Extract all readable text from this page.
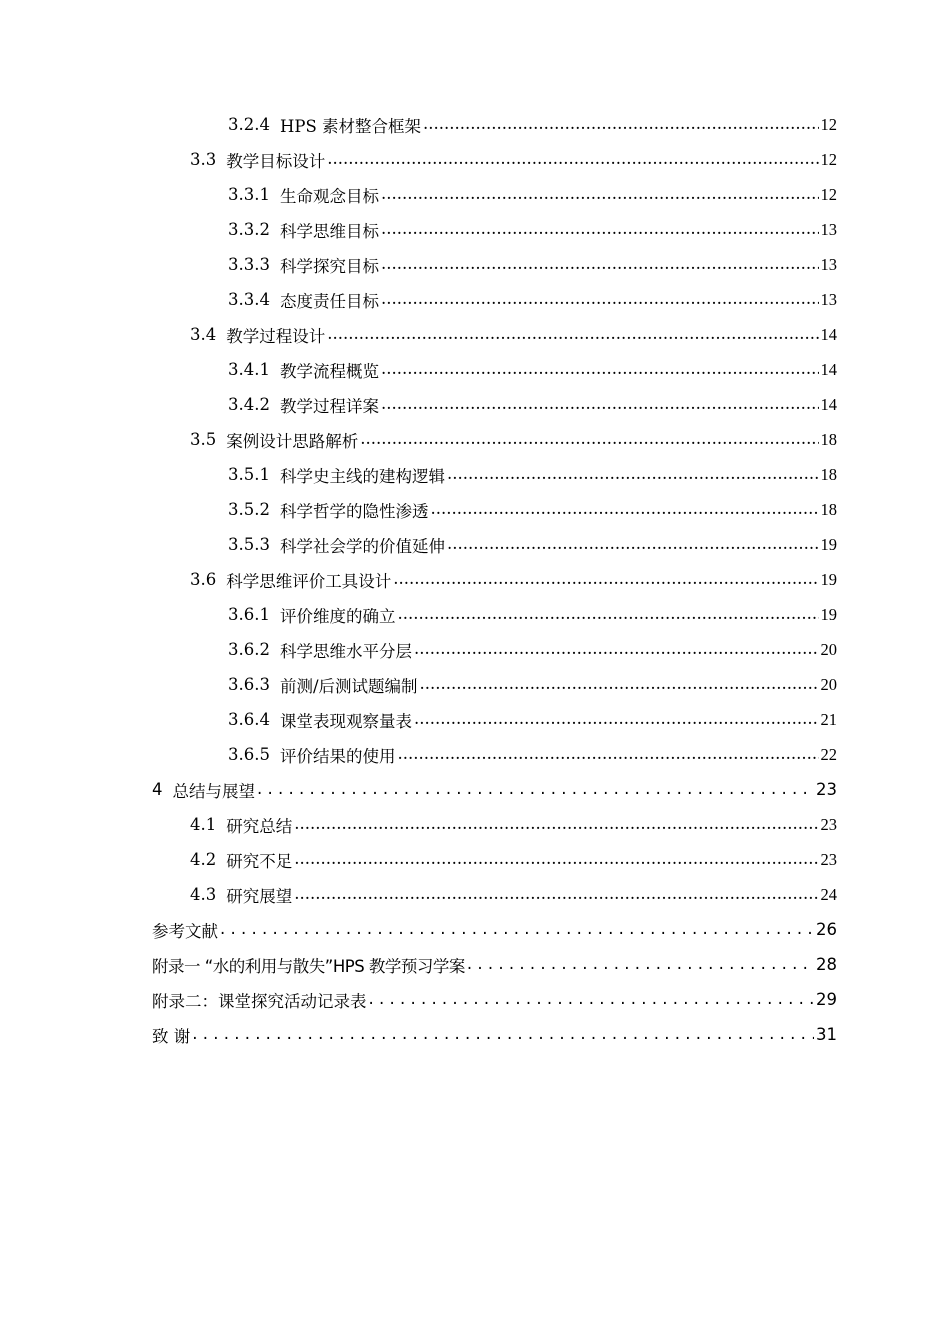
3.2.4 HPS 素材整合框架 .....	12
3.3 教学目标设计 .....	12
3.3.1 生命观念目标 .....	12
3.3.2 科学思维目标 .....	13
3.3.3 科学探究目标 .....	13
3.3.4 态度责任目标 .....	13
3.4 教学过程设计 .....	14
3.4.1 教学流程概览 .....	14
3.4.2 教学过程详案 .....	14
3.5 案例设计思路解析 .....	18
3.5.1 科学史主线的建构逻辑 .....	18
3.5.2 科学哲学的隐性渗透 .....	18
3.5.3 科学社会学的价值延伸 .....	19
3.6 科学思维评价工具设计 .....	19
3.6.1 评价维度的确立 .....	19
3.6.2 科学思维水平分层 .....	20
3.6.3 前测/后测试题编制 .....	20
3.6.4 课堂表现观察量表 .....	21
3.6.5 评价结果的使用 .....	22
4 总结与展望 . . .	23
4.1 研究总结 .....	23
4.2 研究不足 .....	23
4.3 研究展望 .....	24
参考文献 . . .	26
附录一 “水的利用与散失”HPS 教学预习学案 . . .	28
附录二：课堂探究活动记录表 . . .	29
致 谢 . . .	31
